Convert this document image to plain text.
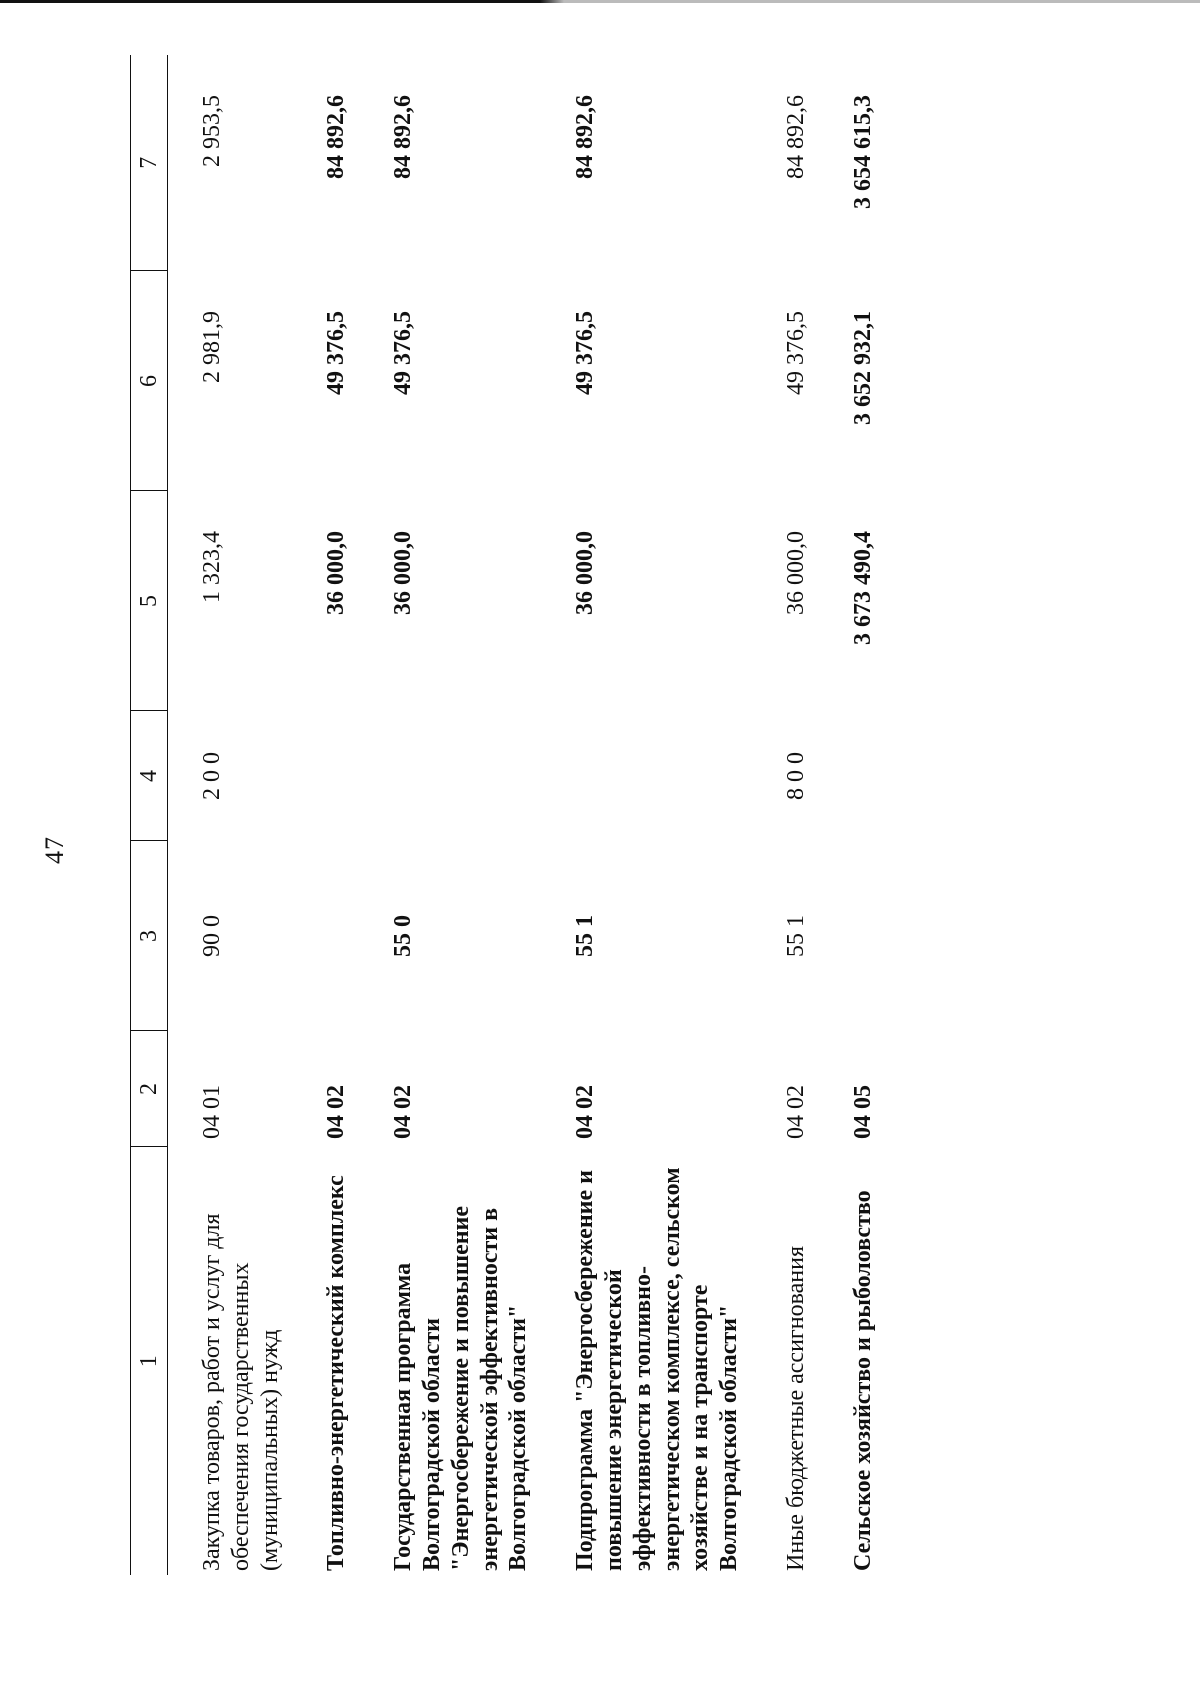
47
1	2	3	4	5	6	7
Закупка товаров, работ и услуг для обеспечения государственных (муниципальных) нужд	04 01	90 0	2 0 0	1 323,4	2 981,9	2 953,5
Топливно-энергетический комплекс	04 02			36 000,0	49 376,5	84 892,6
Государственная программа Волгоградской области "Энергосбережение и повышение энергетической эффективности в Волгоградской области"	04 02	55 0		36 000,0	49 376,5	84 892,6
Подпрограмма "Энергосбережение и повышение энергетической эффективности в топливно-энергетическом комплексе, сельском хозяйстве и на транспорте Волгоградской области"	04 02	55 1		36 000,0	49 376,5	84 892,6
Иные бюджетные ассигнования	04 02	55 1	8 0 0	36 000,0	49 376,5	84 892,6
Сельское хозяйство и рыболовство	04 05			3 673 490,4	3 652 932,1	3 654 615,3
